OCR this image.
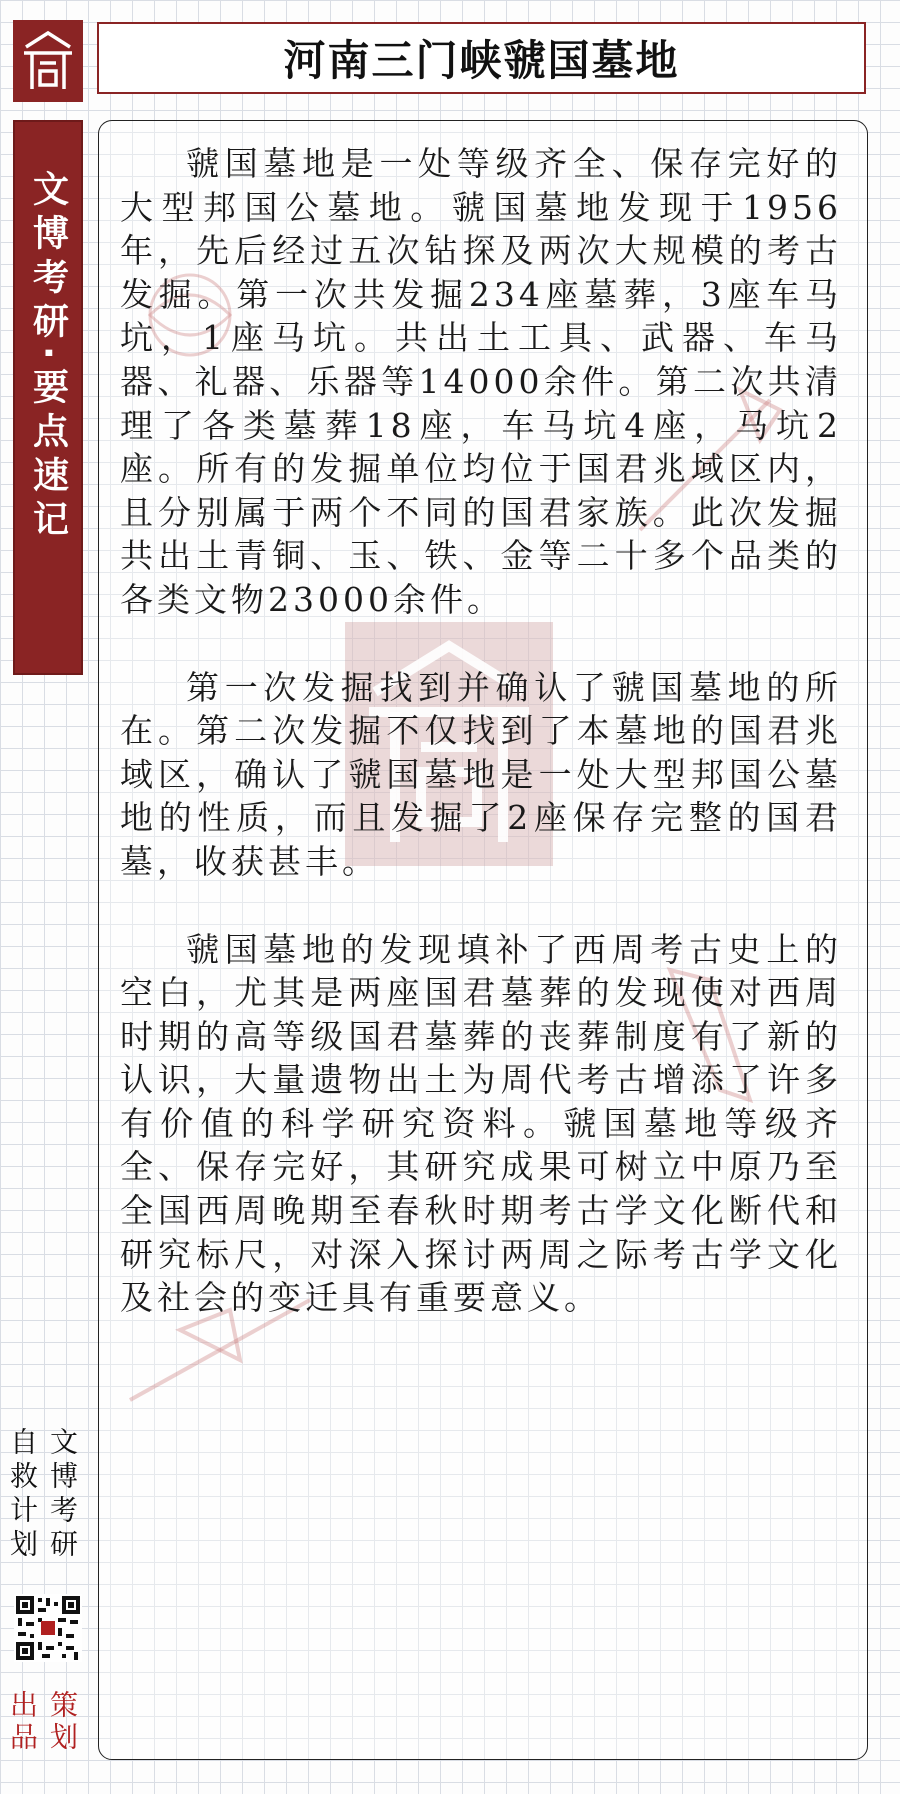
河南三门峡虢国墓地
文博考研·要点速记

虢国墓地是一处等级齐全、保存完好的大型邦国公墓地。虢国墓地发现于1956年，先后经过五次钻探及两次大规模的考古发掘。第一次共发掘234座墓葬，3座车马坑，1座马坑。共出土工具、武器、车马器、礼器、乐器等14000余件。第二次共清理了各类墓葬18座，车马坑4座，马坑2座。所有的发掘单位均位于国君兆域区内，且分别属于两个不同的国君家族。此次发掘共出土青铜、玉、铁、金等二十多个品类的各类文物23000余件。

第一次发掘找到并确认了虢国墓地的所在。第二次发掘不仅找到了本墓地的国君兆域区，确认了虢国墓地是一处大型邦国公墓地的性质，而且发掘了2座保存完整的国君墓，收获甚丰。

虢国墓地的发现填补了西周考古史上的空白，尤其是两座国君墓葬的发现使对西周时期的高等级国君墓葬的丧葬制度有了新的认识，大量遗物出土为周代考古增添了许多有价值的科学研究资料。虢国墓地等级齐全、保存完好，其研究成果可树立中原乃至全国西周晚期至春秋时期考古学文化断代和研究标尺，对深入探讨两周之际考古学文化及社会的变迁具有重要意义。

文博考研
自救计划
策划
出品
